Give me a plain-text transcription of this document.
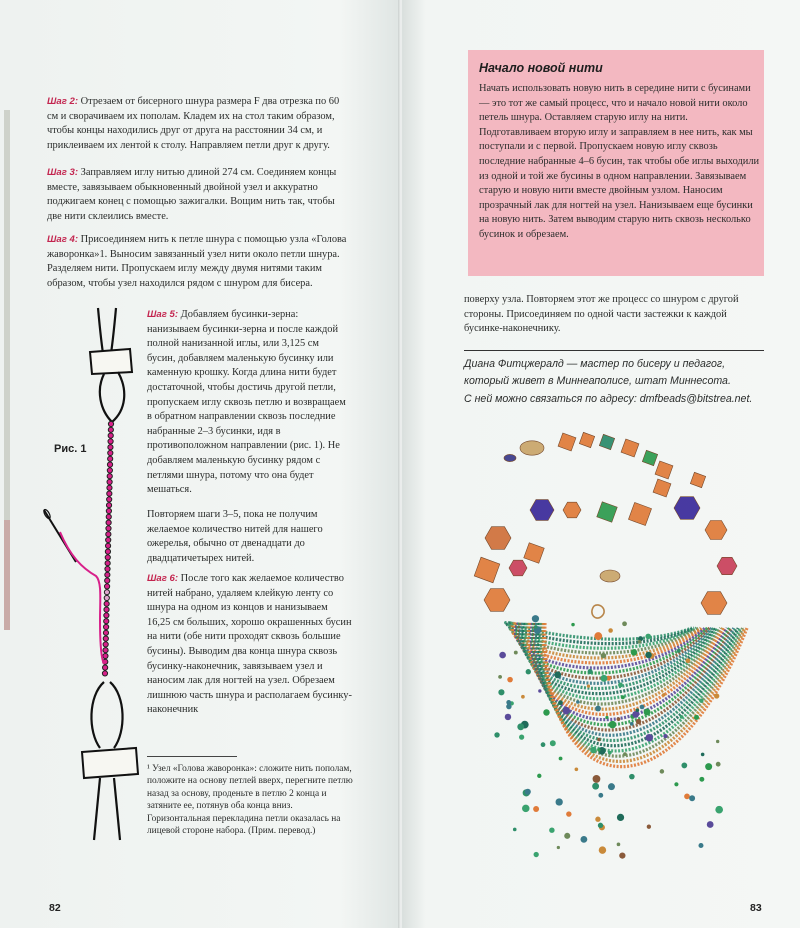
Шаг 2: Отрезаем от бисерного шнура размера F два отрезка по 60 см и сворачиваем их пополам. Кладем их на стол таким образом, чтобы концы находились друг от друга на расстоянии 34 см, и приклеиваем их лентой к столу. Направляем петли друг к другу.
Шаг 3: Заправляем иглу нитью длиной 274 см. Соединяем концы вместе, завязываем обыкновенный двойной узел и аккуратно поджигаем конец с помощью зажигалки. Вощим нить так, чтобы две нити склеились вместе.
Шаг 4: Присоединяем нить к петле шнура с помощью узла «Голова жаворонка»1. Выносим завязанный узел нити около петли шнура. Разделяем нити. Пропускаем иглу между двумя нитями таким образом, чтобы узел находился рядом с шнуром для бисера.
Шаг 5: Добавляем бусинки-зерна: нанизываем бусинки-зерна и после каждой полной нанизанной иглы, или 3,125 см бусин, добавляем маленькую бусинку или каменную крошку. Когда длина нити будет достаточной, чтобы достичь другой петли, пропускаем иглу сквозь петлю и возвращаем в обратном направлении сквозь последние набранные 2–3 бусинки, идя в противоположном направлении (рис. 1). Не добавляем маленькую бусинку рядом с петлями шнура, потому что она будет мешаться.
Повторяем шаги 3–5, пока не получим желаемое количество нитей для нашего ожерелья, обычно от двенадцати до двадцатичетырех нитей.
Шаг 6: После того как желаемое количество нитей набрано, удаляем клейкую ленту со шнура на одном из концов и нанизываем 16,25 см больших, хорошо окрашенных бусин на нити (обе нити проходят сквозь большие бусины). Выводим два конца шнура сквозь бусинку-наконечник, завязываем узел и наносим лак для ногтей на узел. Обрезаем лишнюю часть шнура и располагаем бусинку-наконечник
Рис. 1

¹ Узел «Голова жаворонка»: сложите нить пополам, положите на основу петлей вверх, перегните петлю назад за основу, проденьте в петлю 2 конца и затяните ее, потянув оба конца вниз. Горизонтальная перекладина петли оказалась на лицевой стороне набора. (Прим. перевод.)

82
Начало новой нити
Начать использовать новую нить в середине нити с бусинами — это тот же самый процесс, что и начало новой нити около петель шнура. Оставляем старую иглу на нити. Подготавливаем вторую иглу и заправляем в нее нить, как мы поступали и с первой. Пропускаем новую иглу сквозь последние набранные 4–6 бусин, так чтобы обе иглы выходили из одной и той же бусины в одном направлении. Завязываем старую и новую нити вместе двойным узлом. Наносим прозрачный лак для ногтей на узел. Нанизываем еще бусинки на новую нить. Затем выводим старую нить сквозь несколько бусинок и обрезаем.
поверху узла. Повторяем этот же процесс со шнуром с другой стороны. Присоединяем по одной части застежки к каждой бусинке-наконечнику.
Диана Фитцжералд — мастер по бисеру и педагог,
который живет в Миннеаполисе, штат Миннесота.
С ней можно связаться по адресу: dmfbeads@bitstrea.net.
83
